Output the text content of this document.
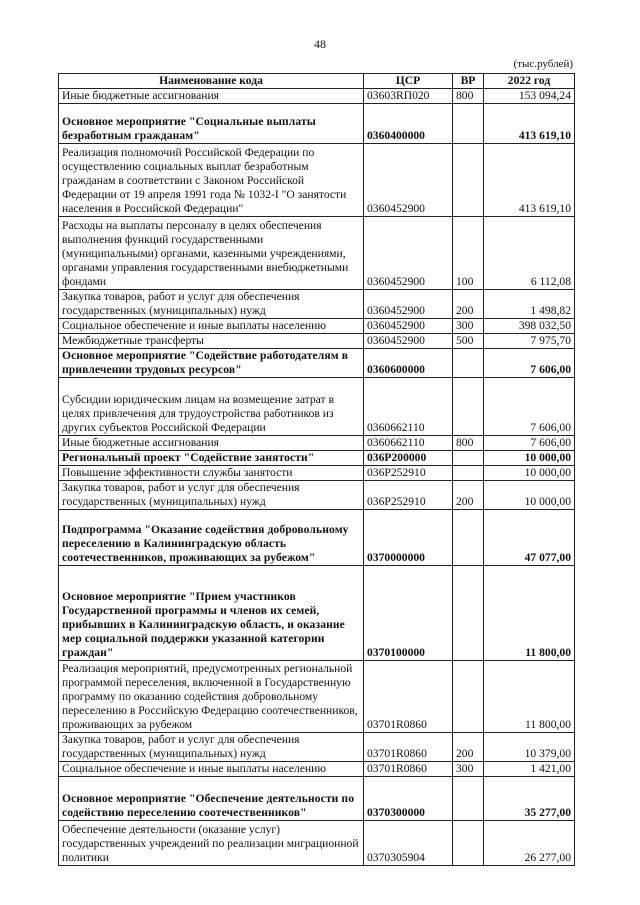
48
(тыс.рублей)
Наименование кода	ЦСР	ВР	2022 год
Иные бюджетные ассигнования	03603RП020	800	153 094,24
Основное мероприятие "Социальные выплаты безработным гражданам"	0360400000		413 619,10
Реализация полномочий Российской Федерации по осуществлению социальных выплат безработным гражданам в соответствии с Законом Российской Федерации от 19 апреля 1991 года № 1032-I "О занятости населения в Российской Федерации"	0360452900		413 619,10
Расходы на выплаты персоналу в целях обеспечения выполнения функций государственными (муниципальными) органами, казенными учреждениями, органами управления государственными внебюджетными фондами	0360452900	100	6 112,08
Закупка товаров, работ и услуг для обеспечения государственных (муниципальных) нужд	0360452900	200	1 498,82
Социальное обеспечение и иные выплаты населению	0360452900	300	398 032,50
Межбюджетные трансферты	0360452900	500	7 975,70
Основное мероприятие "Содействие работодателям в привлечении трудовых ресурсов"	0360600000		7 606,00
Субсидии юридическим лицам на возмещение затрат в целях привлечения для трудоустройства работников из других субъектов Российской Федерации	0360662110		7 606,00
Иные бюджетные ассигнования	0360662110	800	7 606,00
Региональный проект "Содействие занятости"	036P200000		10 000,00
Повышение эффективности службы занятости	036P252910		10 000,00
Закупка товаров, работ и услуг для обеспечения государственных (муниципальных) нужд	036P252910	200	10 000,00
Подпрограмма "Оказание содействия добровольному переселению в Калининградскую область соотечественников, проживающих за рубежом"	0370000000		47 077,00
Основное мероприятие "Прием участников Государственной программы и членов их семей, прибывших в Калининградскую область, и оказание мер социальной поддержки указанной категории граждан"	0370100000		11 800,00
Реализация мероприятий, предусмотренных региональной программой переселения, включенной в Государственную программу по оказанию содействия добровольному переселению в Российскую Федерацию соотечественников, проживающих за рубежом	03701R0860		11 800,00
Закупка товаров, работ и услуг для обеспечения государственных (муниципальных) нужд	03701R0860	200	10 379,00
Социальное обеспечение и иные выплаты населению	03701R0860	300	1 421,00
Основное мероприятие "Обеспечение деятельности по содействию переселению соотечественников"	0370300000		35 277,00
Обеспечение деятельности (оказание услуг) государственных учреждений по реализации миграционной политики	0370305904		26 277,00
